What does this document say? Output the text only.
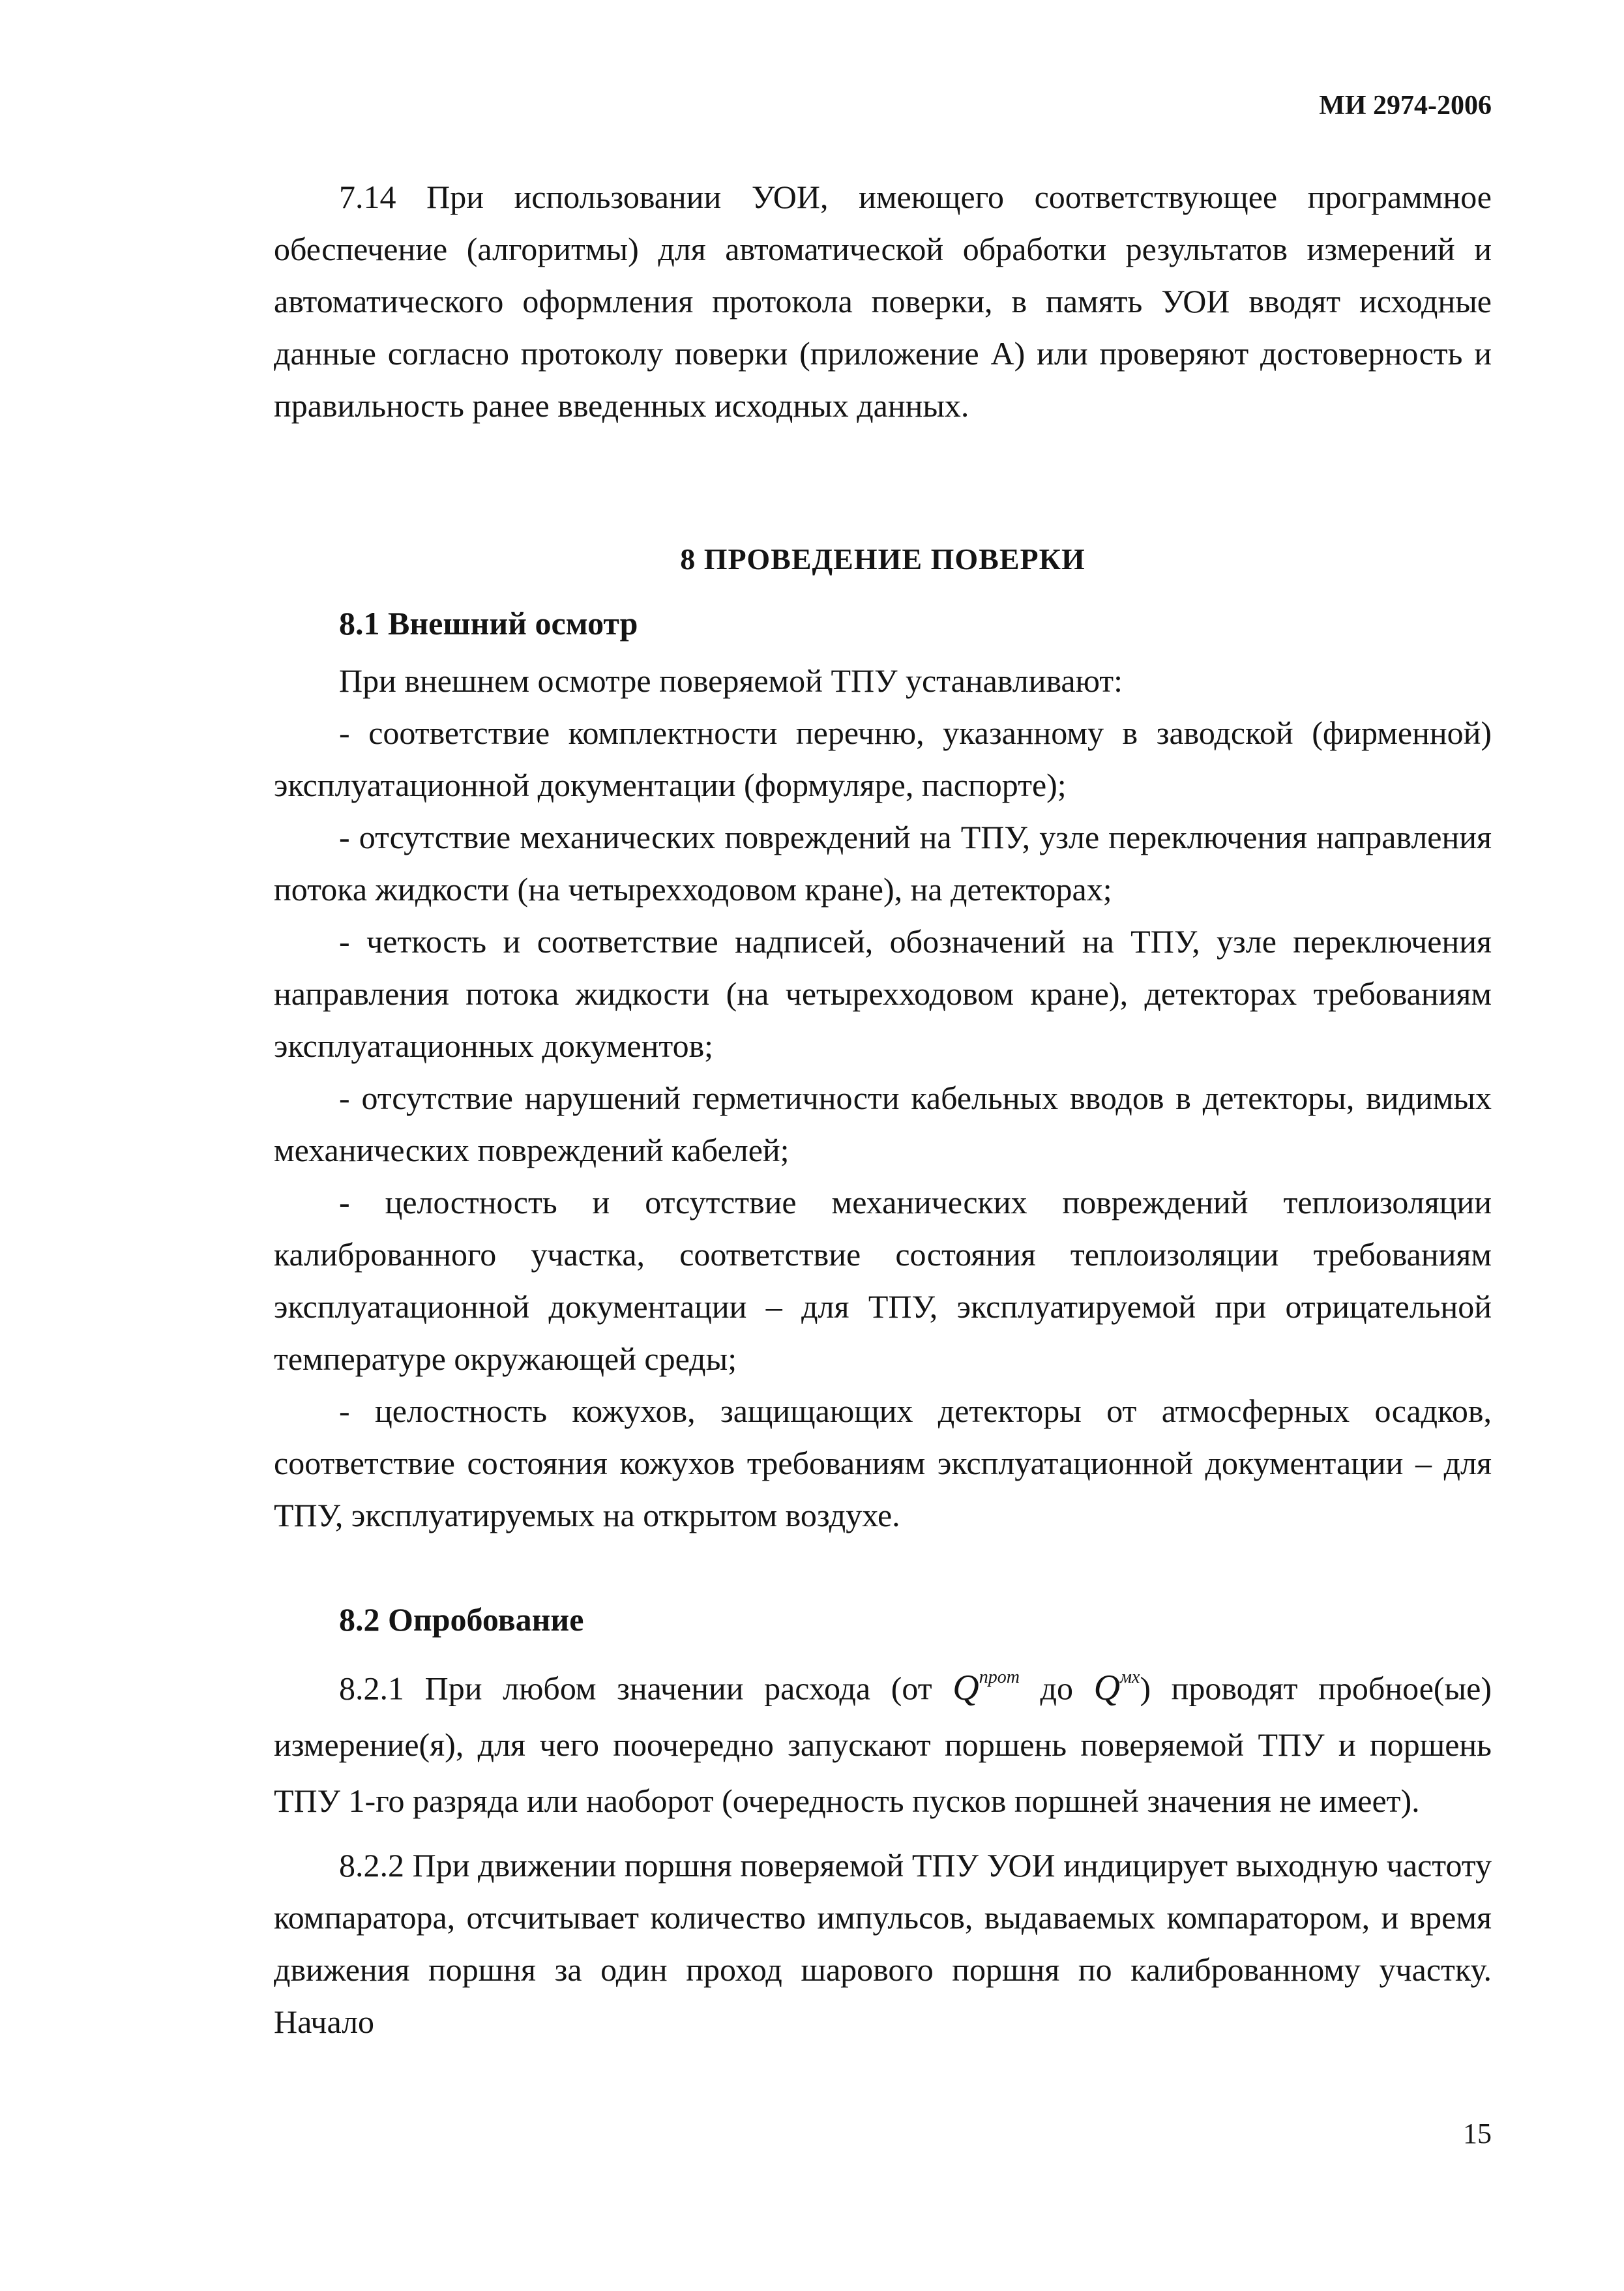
МИ 2974-2006

7.14 При использовании УОИ, имеющего соответствующее программное обеспечение (алгоритмы) для автоматической обработки результатов измерений и автоматического оформления протокола поверки, в память УОИ вводят исходные данные согласно протоколу поверки (приложение А) или проверяют достоверность и правильность ранее введенных исходных данных.

8 ПРОВЕДЕНИЕ ПОВЕРКИ

8.1 Внешний осмотр

При внешнем осмотре поверяемой ТПУ устанавливают:

- соответствие комплектности перечню, указанному в заводской (фирменной) эксплуатационной документации (формуляре, паспорте);

- отсутствие механических повреждений на ТПУ, узле переключения направления потока жидкости (на четырехходовом кране), на детекторах;

- четкость и соответствие надписей, обозначений на ТПУ, узле переключения направления потока жидкости (на четырехходовом кране), детекторах требованиям эксплуатационных документов;

- отсутствие нарушений герметичности кабельных вводов в детекторы, видимых механических повреждений кабелей;

- целостность и отсутствие механических повреждений теплоизоляции калиброванного участка, соответствие состояния теплоизоляции требованиям эксплуатационной документации – для ТПУ, эксплуатируемой при отрицательной температуре окружающей среды;

- целостность кожухов, защищающих детекторы от атмосферных осадков, соответствие состояния кожухов требованиям эксплуатационной документации – для ТПУ, эксплуатируемых на открытом воздухе.

8.2 Опробование

8.2.1 При любом значении расхода (от $Q^{прот}$ до $Q^{мх}$) проводят пробное(ые) измерение(я), для чего поочередно запускают поршень поверяемой ТПУ и поршень ТПУ 1-го разряда или наоборот (очередность пусков поршней значения не имеет).

8.2.2 При движении поршня поверяемой ТПУ УОИ индицирует выходную частоту компаратора, отсчитывает количество импульсов, выдаваемых компаратором, и время движения поршня за один проход шарового поршня по калиброванному участку. Начало

15
